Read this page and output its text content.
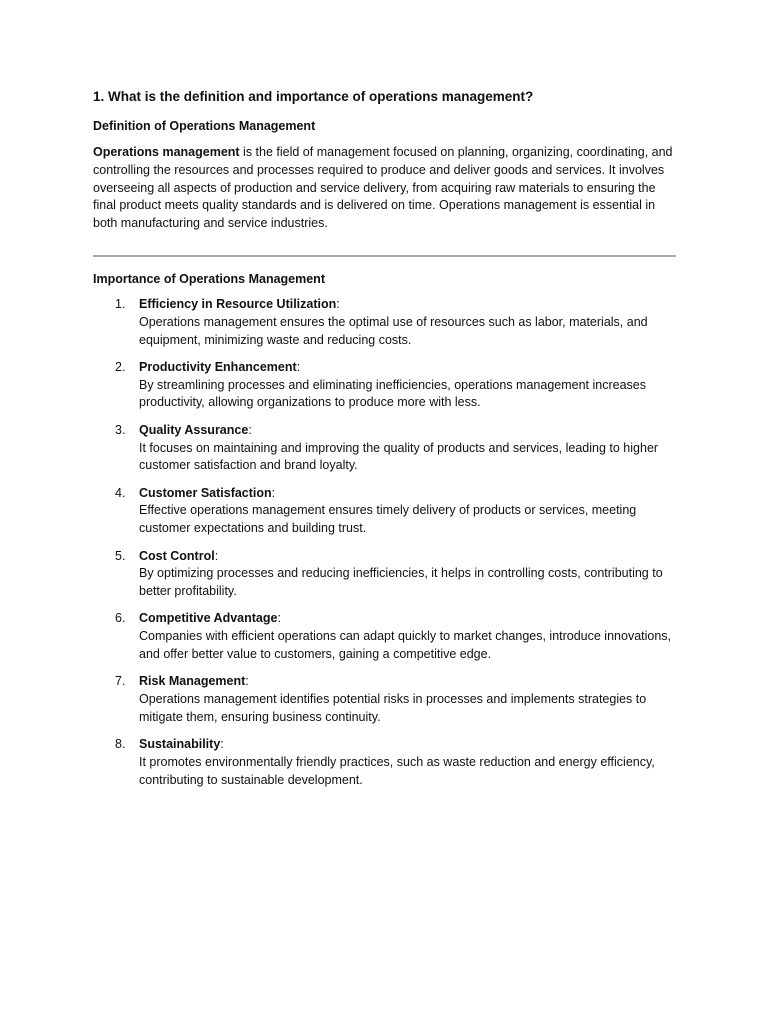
1. What is the definition and importance of operations management?
Definition of Operations Management

Operations management is the field of management focused on planning, organizing, coordinating, and controlling the resources and processes required to produce and deliver goods and services. It involves overseeing all aspects of production and service delivery, from acquiring raw materials to ensuring the final product meets quality standards and is delivered on time. Operations management is essential in both manufacturing and service industries.

Importance of Operations Management
1. Efficiency in Resource Utilization:
Operations management ensures the optimal use of resources such as labor, materials, and equipment, minimizing waste and reducing costs.
2. Productivity Enhancement:
By streamlining processes and eliminating inefficiencies, operations management increases productivity, allowing organizations to produce more with less.
3. Quality Assurance:
It focuses on maintaining and improving the quality of products and services, leading to higher customer satisfaction and brand loyalty.
4. Customer Satisfaction:
Effective operations management ensures timely delivery of products or services, meeting customer expectations and building trust.
5. Cost Control:
By optimizing processes and reducing inefficiencies, it helps in controlling costs, contributing to better profitability.
6. Competitive Advantage:
Companies with efficient operations can adapt quickly to market changes, introduce innovations, and offer better value to customers, gaining a competitive edge.
7. Risk Management:
Operations management identifies potential risks in processes and implements strategies to mitigate them, ensuring business continuity.
8. Sustainability:
It promotes environmentally friendly practices, such as waste reduction and energy efficiency, contributing to sustainable development.
